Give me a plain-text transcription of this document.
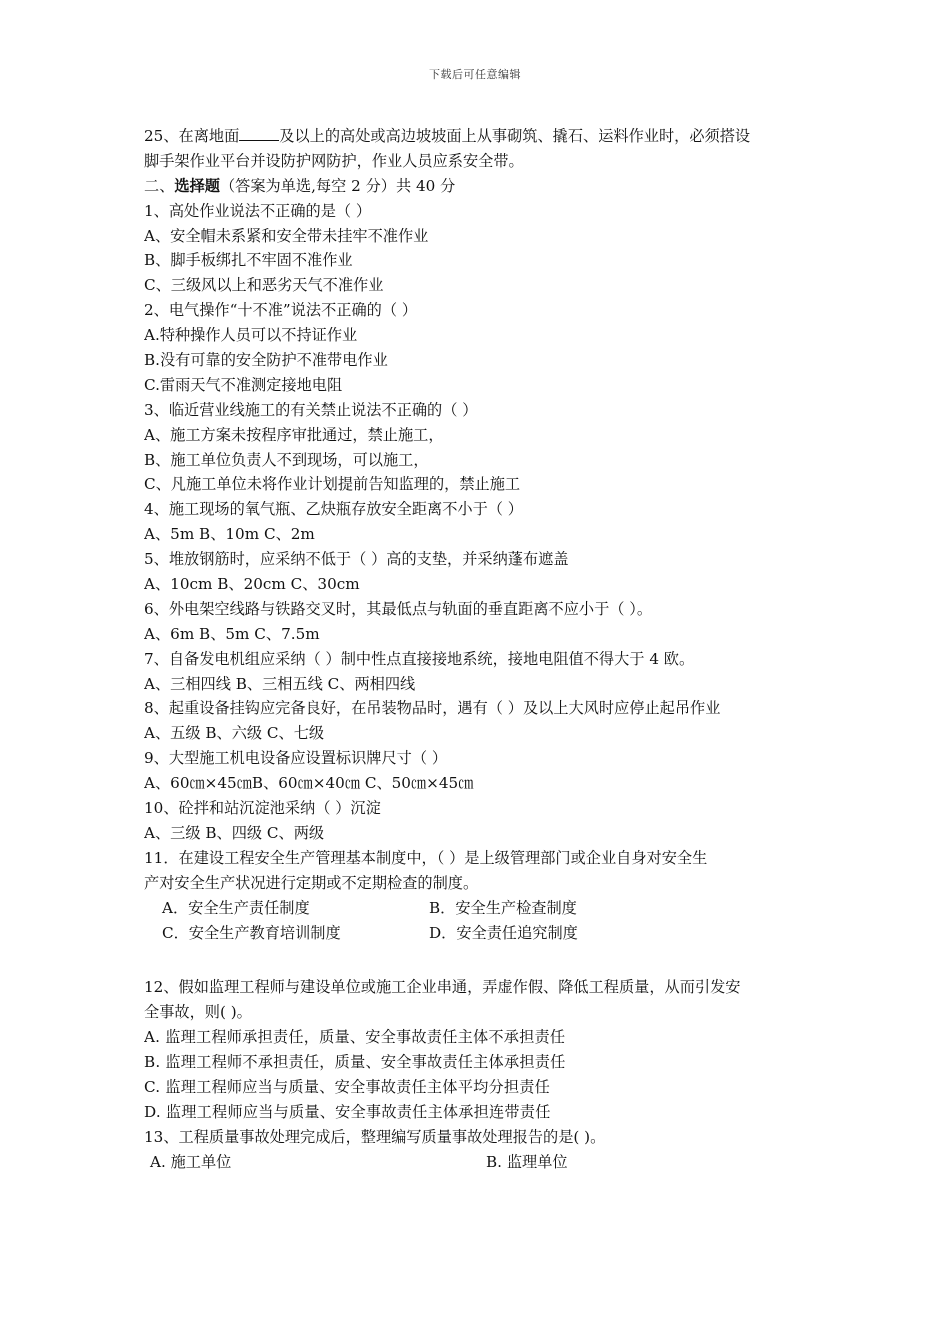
下载后可任意编辑
25、在离地面	及以上的高处或高边坡坡面上从事砌筑、撬石、运料作业时，必须搭设
脚手架作业平台并设防护网防护，作业人员应系安全带。
二、选择题（答案为单选,每空 2 分）共 40 分
1、高处作业说法不正确的是（ ）
A、安全帽未系紧和安全带未挂牢不准作业
B、脚手板绑扎不牢固不准作业
C、三级风以上和恶劣天气不准作业
2、电气操作“十不准”说法不正确的（ ）
A.特种操作人员可以不持证作业
B.没有可靠的安全防护不准带电作业
C.雷雨天气不准测定接地电阻
3、临近营业线施工的有关禁止说法不正确的（ ）
A、施工方案未按程序审批通过，禁止施工，
B、施工单位负责人不到现场，可以施工，
C、凡施工单位未将作业计划提前告知监理的，禁止施工
4、施工现场的氧气瓶、乙炔瓶存放安全距离不小于（ ）
A、5m B、10m C、2m
5、堆放钢筋时，应采纳不低于（ ）高的支垫，并采纳蓬布遮盖
A、10cm B、20cm C、30cm
6、外电架空线路与铁路交叉时，其最低点与轨面的垂直距离不应小于（ ）。
A、6m B、5m C、7.5m
7、自备发电机组应采纳（ ）制中性点直接接地系统，接地电阻值不得大于 4 欧。
A、三相四线 B、三相五线 C、两相四线
8、起重设备挂钩应完备良好，在吊装物品时，遇有（ ）及以上大风时应停止起吊作业
A、五级 B、六级 C、七级
9、大型施工机电设备应设置标识牌尺寸（ ）
A、60㎝×45㎝B、60㎝×40㎝ C、50㎝×45㎝
10、砼拌和站沉淀池采纳（ ）沉淀
A、三级 B、四级 C、两级
11．在建设工程安全生产管理基本制度中，（ ）是上级管理部门或企业自身对安全生
产对安全生产状况进行定期或不定期检查的制度。
A．安全生产责任制度	B．安全生产检查制度
C．安全生产教育培训制度	D．安全责任追究制度
12、假如监理工程师与建设单位或施工企业串通，弄虚作假、降低工程质量，从而引发安
全事故，则( )。
A. 监理工程师承担责任，质量、安全事故责任主体不承担责任
B. 监理工程师不承担责任，质量、安全事故责任主体承担责任
C. 监理工程师应当与质量、安全事故责任主体平均分担责任
D. 监理工程师应当与质量、安全事故责任主体承担连带责任
13、工程质量事故处理完成后，整理编写质量事故处理报告的是( )。
A. 施工单位	B. 监理单位
